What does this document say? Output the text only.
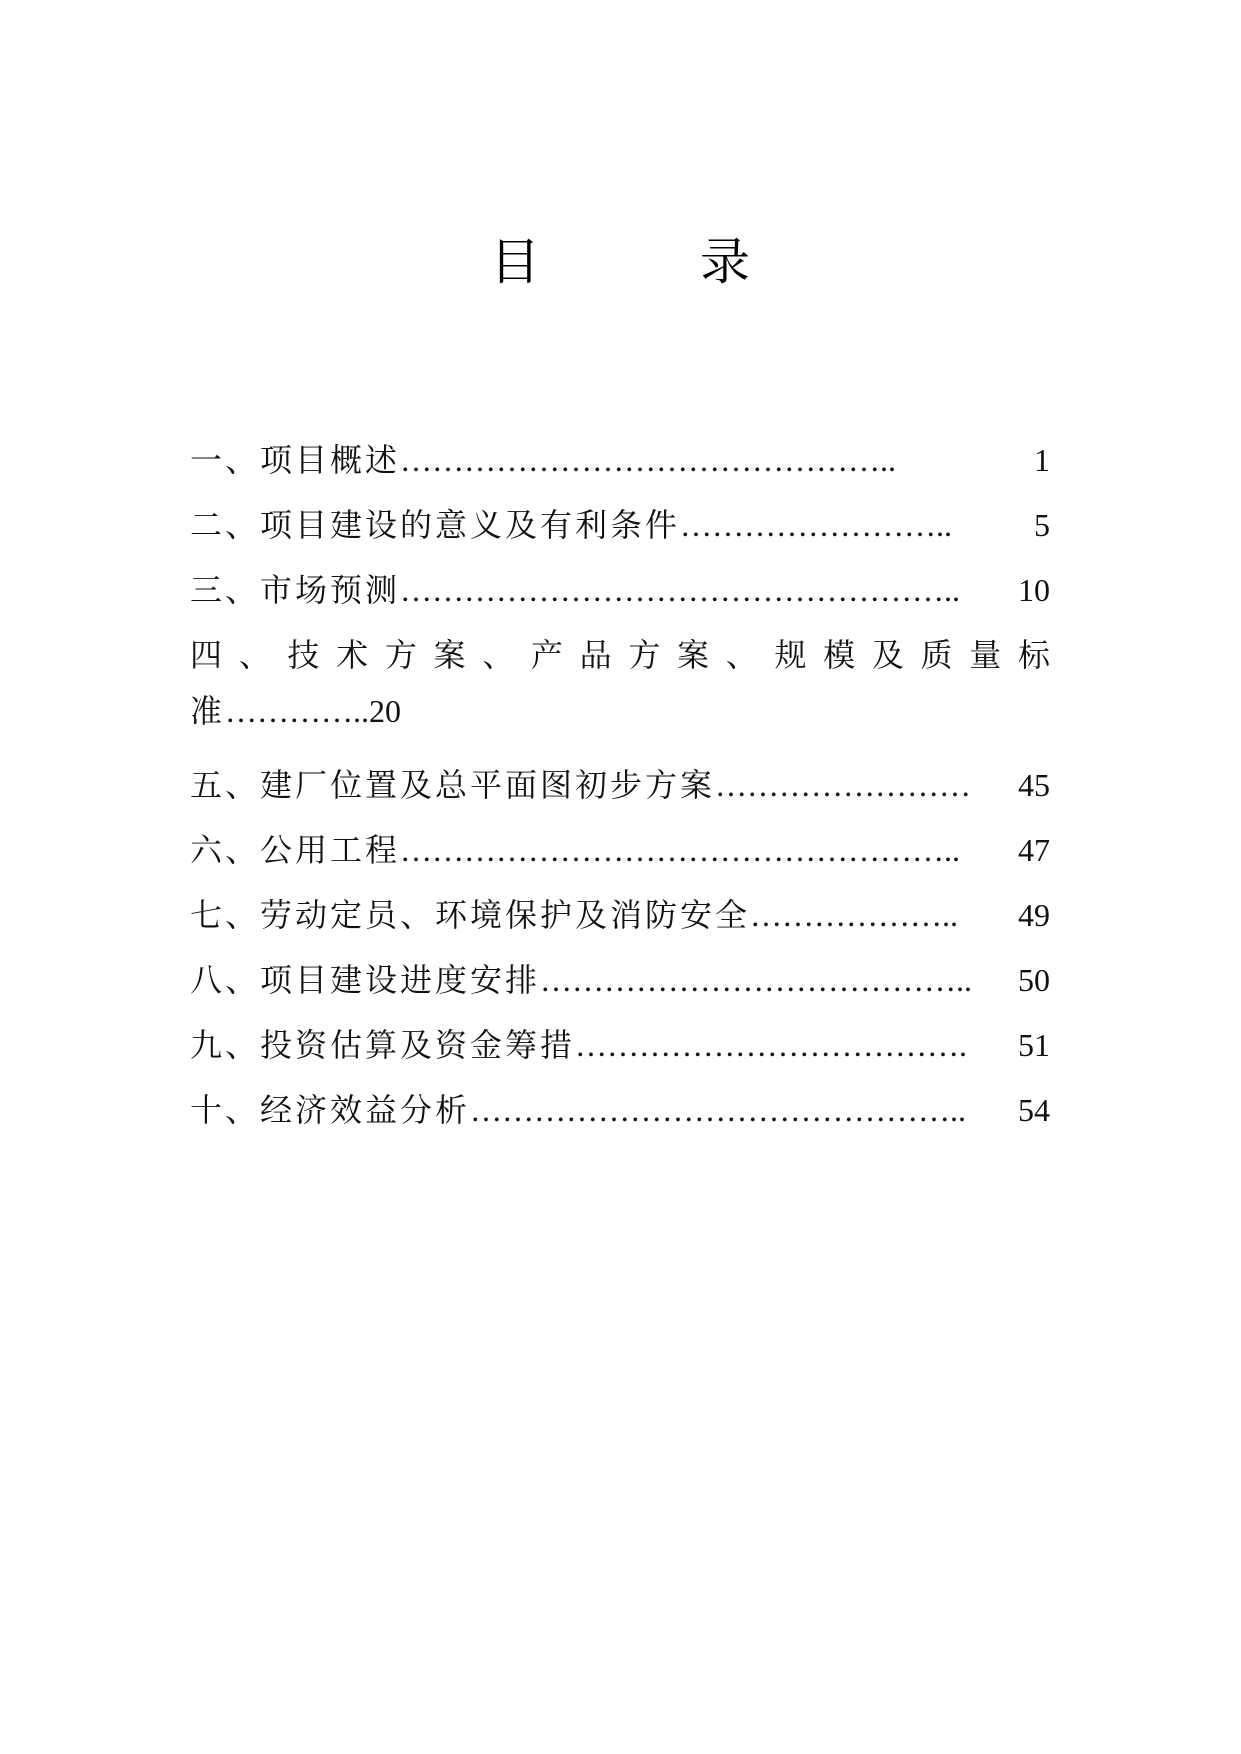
目	录
一、项目概述 ………………………………………..	1
二、项目建设的意义及有利条件 ……………………..	5
三、市场预测 ……………………………………………..	10
四 、 技 术 方 案 、 产 品 方 案 、 规 模 及 质 量 标
准…………..20
五、建厂位置及总平面图初步方案 ……………………	45
六、公用工程 ……………………………………………..	47
七、劳动定员、环境保护及消防安全 ………………..	49
八、项目建设进度安排 …………………………………..	50
九、投资估算及资金筹措 ……………………………….	51
十、经济效益分析 ………………………………………..	54
